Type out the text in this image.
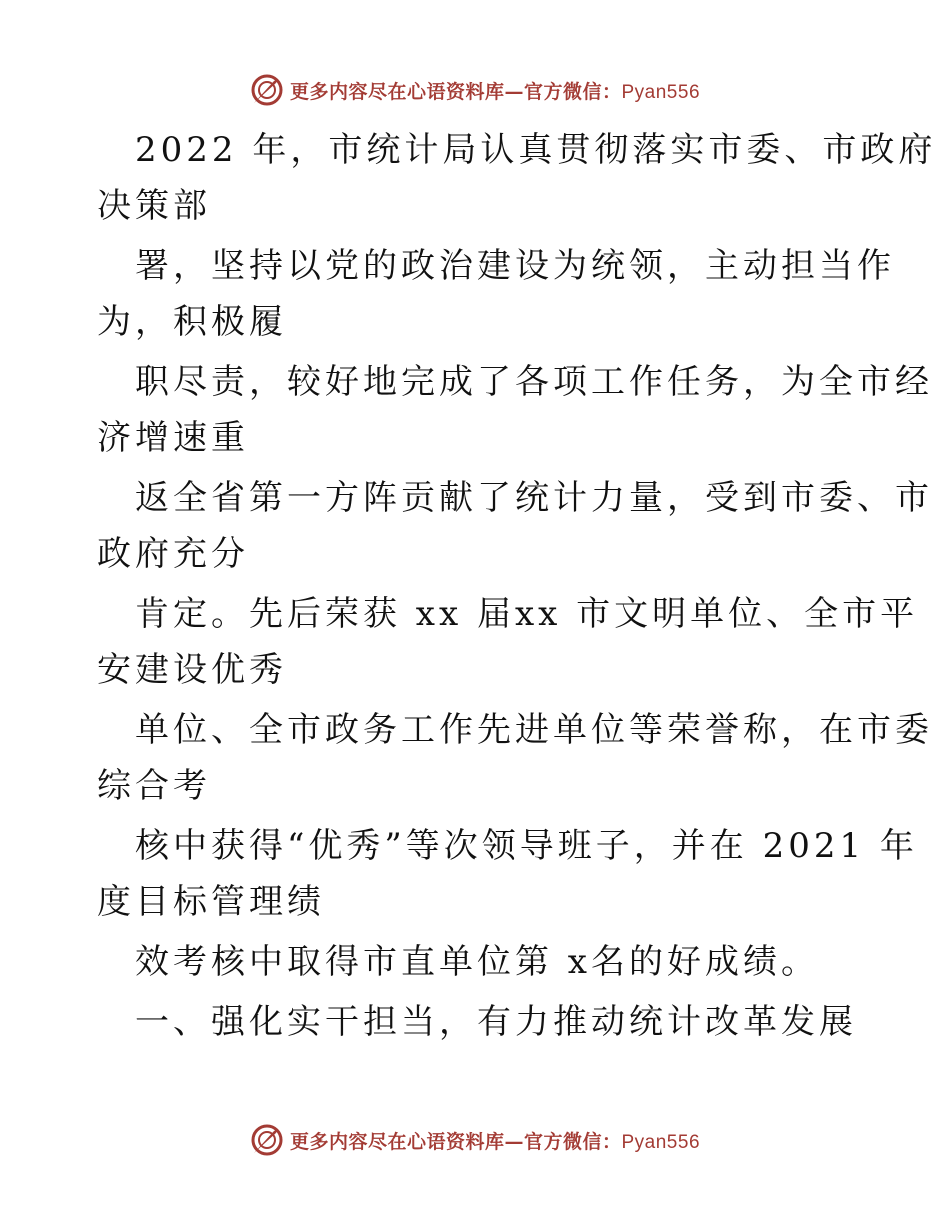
更多内容尽在心语资料库—官方微信：Pyan556
2022 年，市统计局认真贯彻落实市委、市政府
决策部
署，坚持以党的政治建设为统领，主动担当作
为，积极履
职尽责，较好地完成了各项工作任务，为全市经
济增速重
返全省第一方阵贡献了统计力量，受到市委、市
政府充分
肯定。先后荣获 xx 届xx 市文明单位、全市平
安建设优秀
单位、全市政务工作先进单位等荣誉称，在市委
综合考
核中获得“优秀”等次领导班子，并在 2021 年
度目标管理绩
效考核中取得市直单位第 x名的好成绩。
一、强化实干担当，有力推动统计改革发展
更多内容尽在心语资料库—官方微信：Pyan556
